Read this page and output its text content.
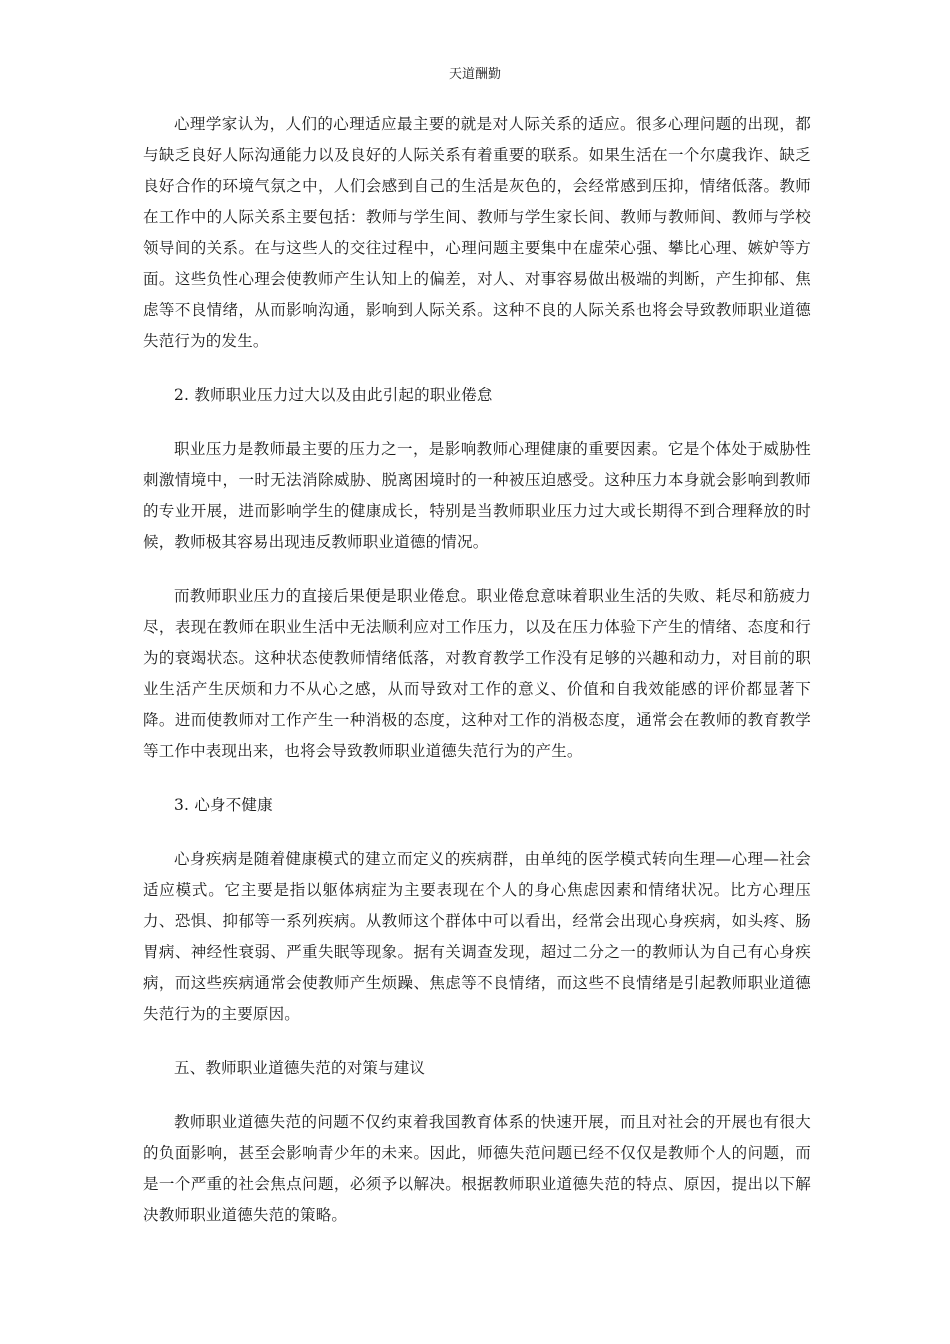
天道酬勤

心理学家认为，人们的心理适应最主要的就是对人际关系的适应。很多心理问题的出现，都与缺乏良好人际沟通能力以及良好的人际关系有着重要的联系。如果生活在一个尔虞我诈、缺乏良好合作的环境气氛之中，人们会感到自己的生活是灰色的，会经常感到压抑，情绪低落。教师在工作中的人际关系主要包括：教师与学生间、教师与学生家长间、教师与教师间、教师与学校领导间的关系。在与这些人的交往过程中，心理问题主要集中在虚荣心强、攀比心理、嫉妒等方面。这些负性心理会使教师产生认知上的偏差，对人、对事容易做出极端的判断，产生抑郁、焦虑等不良情绪，从而影响沟通，影响到人际关系。这种不良的人际关系也将会导致教师职业道德失范行为的发生。

2. 教师职业压力过大以及由此引起的职业倦怠

职业压力是教师最主要的压力之一，是影响教师心理健康的重要因素。它是个体处于威胁性刺激情境中，一时无法消除威胁、脱离困境时的一种被压迫感受。这种压力本身就会影响到教师的专业开展，进而影响学生的健康成长，特别是当教师职业压力过大或长期得不到合理释放的时候，教师极其容易出现违反教师职业道德的情况。

而教师职业压力的直接后果便是职业倦怠。职业倦怠意味着职业生活的失败、耗尽和筋疲力尽，表现在教师在职业生活中无法顺利应对工作压力，以及在压力体验下产生的情绪、态度和行为的衰竭状态。这种状态使教师情绪低落，对教育教学工作没有足够的兴趣和动力，对目前的职业生活产生厌烦和力不从心之感，从而导致对工作的意义、价值和自我效能感的评价都显著下降。进而使教师对工作产生一种消极的态度，这种对工作的消极态度，通常会在教师的教育教学等工作中表现出来，也将会导致教师职业道德失范行为的产生。

3. 心身不健康

心身疾病是随着健康模式的建立而定义的疾病群，由单纯的医学模式转向生理—心理—社会适应模式。它主要是指以躯体病症为主要表现在个人的身心焦虑因素和情绪状况。比方心理压力、恐惧、抑郁等一系列疾病。从教师这个群体中可以看出，经常会出现心身疾病，如头疼、肠胃病、神经性衰弱、严重失眠等现象。据有关调查发现，超过二分之一的教师认为自己有心身疾病，而这些疾病通常会使教师产生烦躁、焦虑等不良情绪，而这些不良情绪是引起教师职业道德失范行为的主要原因。

五、教师职业道德失范的对策与建议

教师职业道德失范的问题不仅约束着我国教育体系的快速开展，而且对社会的开展也有很大的负面影响，甚至会影响青少年的未来。因此，师德失范问题已经不仅仅是教师个人的问题，而是一个严重的社会焦点问题，必须予以解决。根据教师职业道德失范的特点、原因，提出以下解决教师职业道德失范的策略。
